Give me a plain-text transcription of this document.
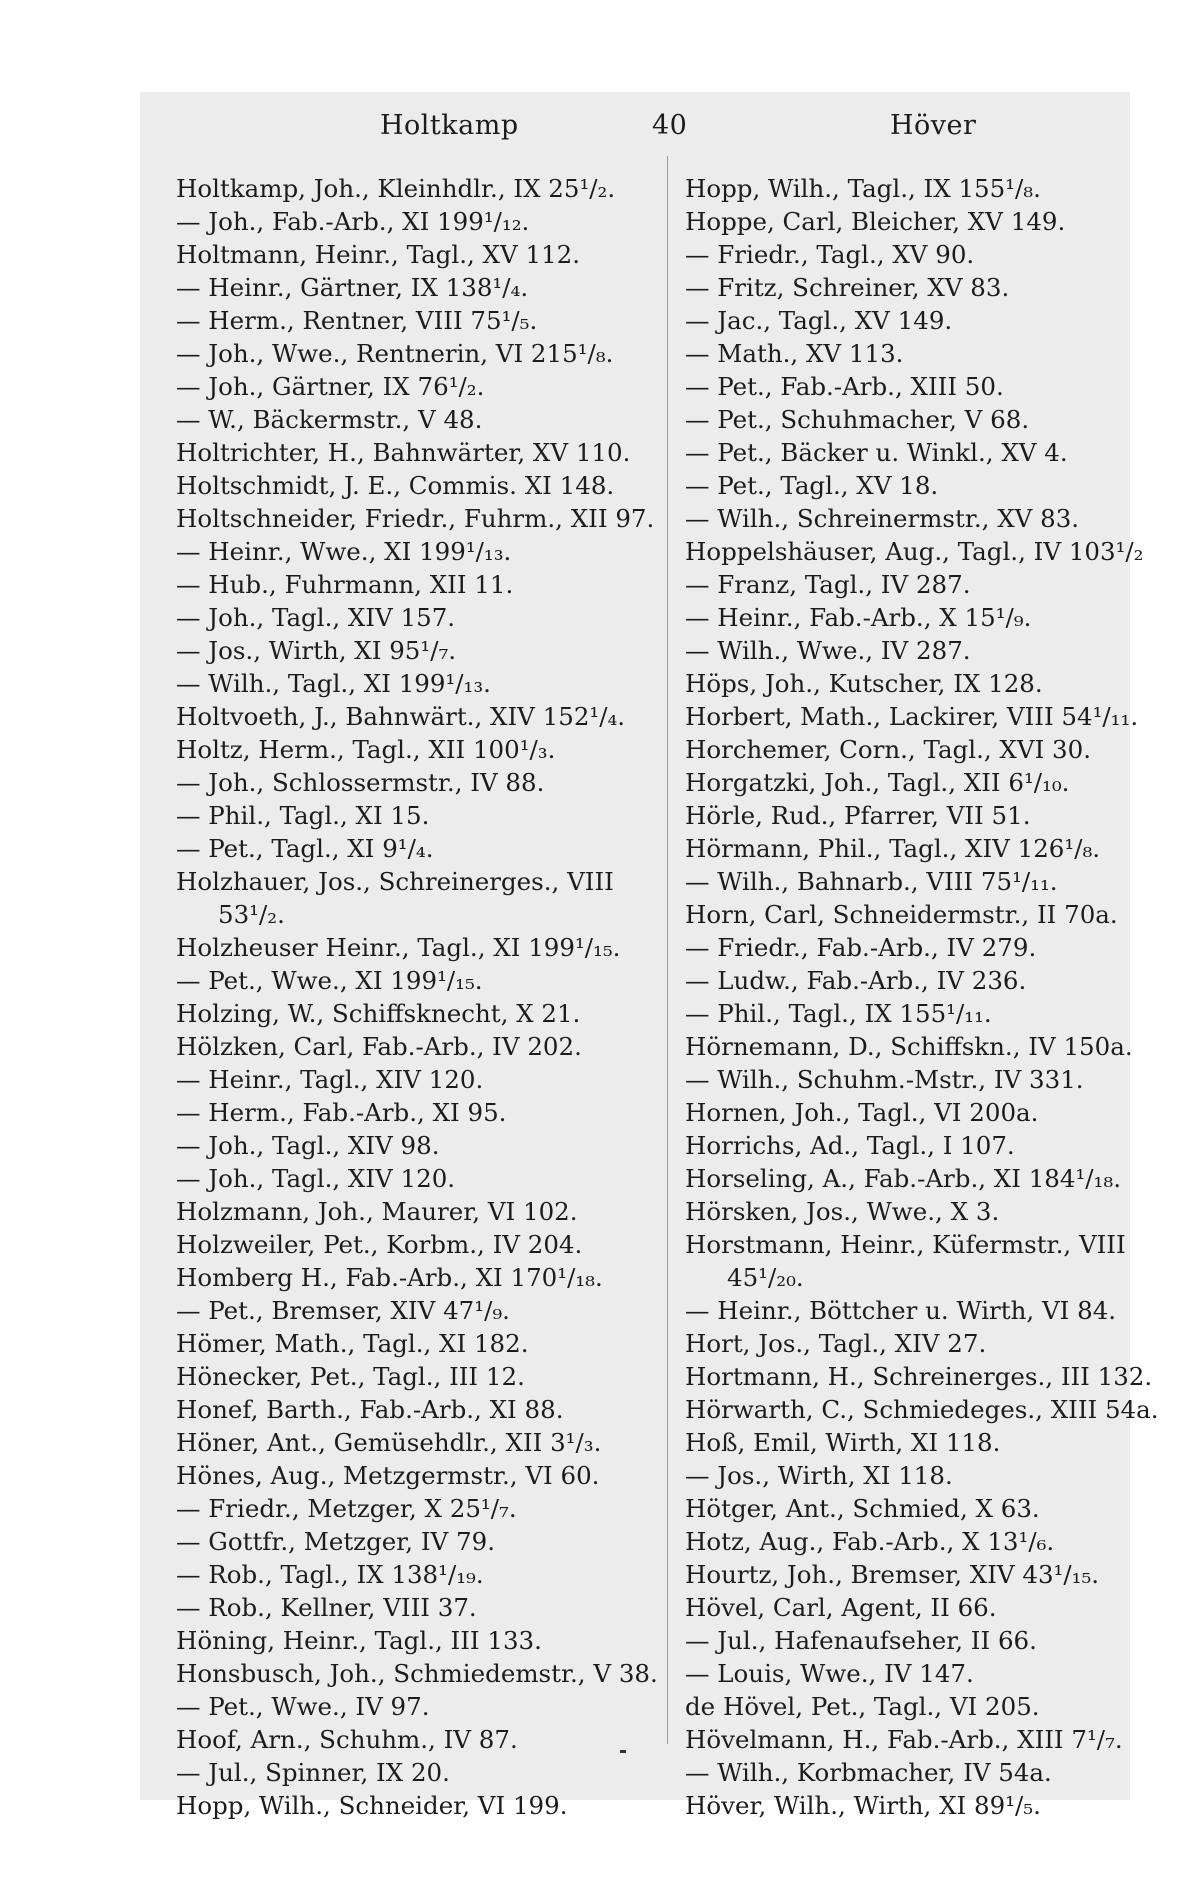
Holtkamp	40	Höver
Holtkamp, Joh., Kleinhdlr., IX 25¹/₂.
— Joh., Fab.-Arb., XI 199¹/₁₂.
Holtmann, Heinr., Tagl., XV 112.
— Heinr., Gärtner, IX 138¹/₄.
— Herm., Rentner, VIII 75¹/₅.
— Joh., Wwe., Rentnerin, VI 215¹/₈.
— Joh., Gärtner, IX 76¹/₂.
— W., Bäckermstr., V 48.
Holtrichter, H., Bahnwärter, XV 110.
Holtschmidt, J. E., Commis. XI 148.
Holtschneider, Friedr., Fuhrm., XII 97.
— Heinr., Wwe., XI 199¹/₁₃.
— Hub., Fuhrmann, XII 11.
— Joh., Tagl., XIV 157.
— Jos., Wirth, XI 95¹/₇.
— Wilh., Tagl., XI 199¹/₁₃.
Holtvoeth, J., Bahnwärt., XIV 152¹/₄.
Holtz, Herm., Tagl., XII 100¹/₃.
— Joh., Schlossermstr., IV 88.
— Phil., Tagl., XI 15.
— Pet., Tagl., XI 9¹/₄.
Holzhauer, Jos., Schreinerges., VIII
53¹/₂.
Holzheuser Heinr., Tagl., XI 199¹/₁₅.
— Pet., Wwe., XI 199¹/₁₅.
Holzing, W., Schiffsknecht, X 21.
Hölzken, Carl, Fab.-Arb., IV 202.
— Heinr., Tagl., XIV 120.
— Herm., Fab.-Arb., XI 95.
— Joh., Tagl., XIV 98.
— Joh., Tagl., XIV 120.
Holzmann, Joh., Maurer, VI 102.
Holzweiler, Pet., Korbm., IV 204.
Homberg H., Fab.-Arb., XI 170¹/₁₈.
— Pet., Bremser, XIV 47¹/₉.
Hömer, Math., Tagl., XI 182.
Hönecker, Pet., Tagl., III 12.
Honef, Barth., Fab.-Arb., XI 88.
Höner, Ant., Gemüsehdlr., XII 3¹/₃.
Hönes, Aug., Metzgermstr., VI 60.
— Friedr., Metzger, X 25¹/₇.
— Gottfr., Metzger, IV 79.
— Rob., Tagl., IX 138¹/₁₉.
— Rob., Kellner, VIII 37.
Höning, Heinr., Tagl., III 133.
Honsbusch, Joh., Schmiedemstr., V 38.
— Pet., Wwe., IV 97.
Hoof, Arn., Schuhm., IV 87.
— Jul., Spinner, IX 20.
Hopp, Wilh., Schneider, VI 199.
Hopp, Wilh., Tagl., IX 155¹/₈.
Hoppe, Carl, Bleicher, XV 149.
— Friedr., Tagl., XV 90.
— Fritz, Schreiner, XV 83.
— Jac., Tagl., XV 149.
— Math., XV 113.
— Pet., Fab.-Arb., XIII 50.
— Pet., Schuhmacher, V 68.
— Pet., Bäcker u. Winkl., XV 4.
— Pet., Tagl., XV 18.
— Wilh., Schreinermstr., XV 83.
Hoppelshäuser, Aug., Tagl., IV 103¹/₂
— Franz, Tagl., IV 287.
— Heinr., Fab.-Arb., X 15¹/₉.
— Wilh., Wwe., IV 287.
Höps, Joh., Kutscher, IX 128.
Horbert, Math., Lackirer, VIII 54¹/₁₁.
Horchemer, Corn., Tagl., XVI 30.
Horgatzki, Joh., Tagl., XII 6¹/₁₀.
Hörle, Rud., Pfarrer, VII 51.
Hörmann, Phil., Tagl., XIV 126¹/₈.
— Wilh., Bahnarb., VIII 75¹/₁₁.
Horn, Carl, Schneidermstr., II 70a.
— Friedr., Fab.-Arb., IV 279.
— Ludw., Fab.-Arb., IV 236.
— Phil., Tagl., IX 155¹/₁₁.
Hörnemann, D., Schiffskn., IV 150a.
— Wilh., Schuhm.-Mstr., IV 331.
Hornen, Joh., Tagl., VI 200a.
Horrichs, Ad., Tagl., I 107.
Horseling, A., Fab.-Arb., XI 184¹/₁₈.
Hörsken, Jos., Wwe., X 3.
Horstmann, Heinr., Küfermstr., VIII
45¹/₂₀.
— Heinr., Böttcher u. Wirth, VI 84.
Hort, Jos., Tagl., XIV 27.
Hortmann, H., Schreinerges., III 132.
Hörwarth, C., Schmiedeges., XIII 54a.
Hoß, Emil, Wirth, XI 118.
— Jos., Wirth, XI 118.
Hötger, Ant., Schmied, X 63.
Hotz, Aug., Fab.-Arb., X 13¹/₆.
Hourtz, Joh., Bremser, XIV 43¹/₁₅.
Hövel, Carl, Agent, II 66.
— Jul., Hafenaufseher, II 66.
— Louis, Wwe., IV 147.
de Hövel, Pet., Tagl., VI 205.
Hövelmann, H., Fab.-Arb., XIII 7¹/₇.
— Wilh., Korbmacher, IV 54a.
Höver, Wilh., Wirth, XI 89¹/₅.
